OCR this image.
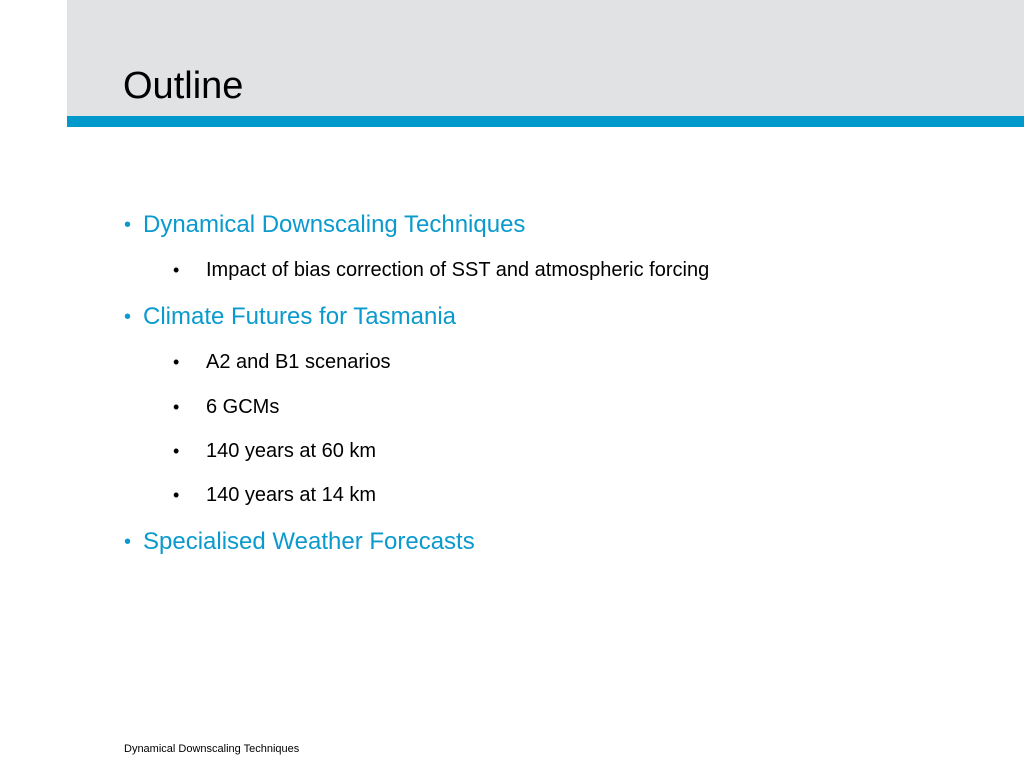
Outline
• Dynamical Downscaling Techniques
• Impact of bias correction of SST and atmospheric forcing
• Climate Futures for Tasmania
• A2 and B1 scenarios
• 6 GCMs
• 140 years at 60 km
• 140 years at 14 km
• Specialised Weather Forecasts
Dynamical Downscaling Techniques
